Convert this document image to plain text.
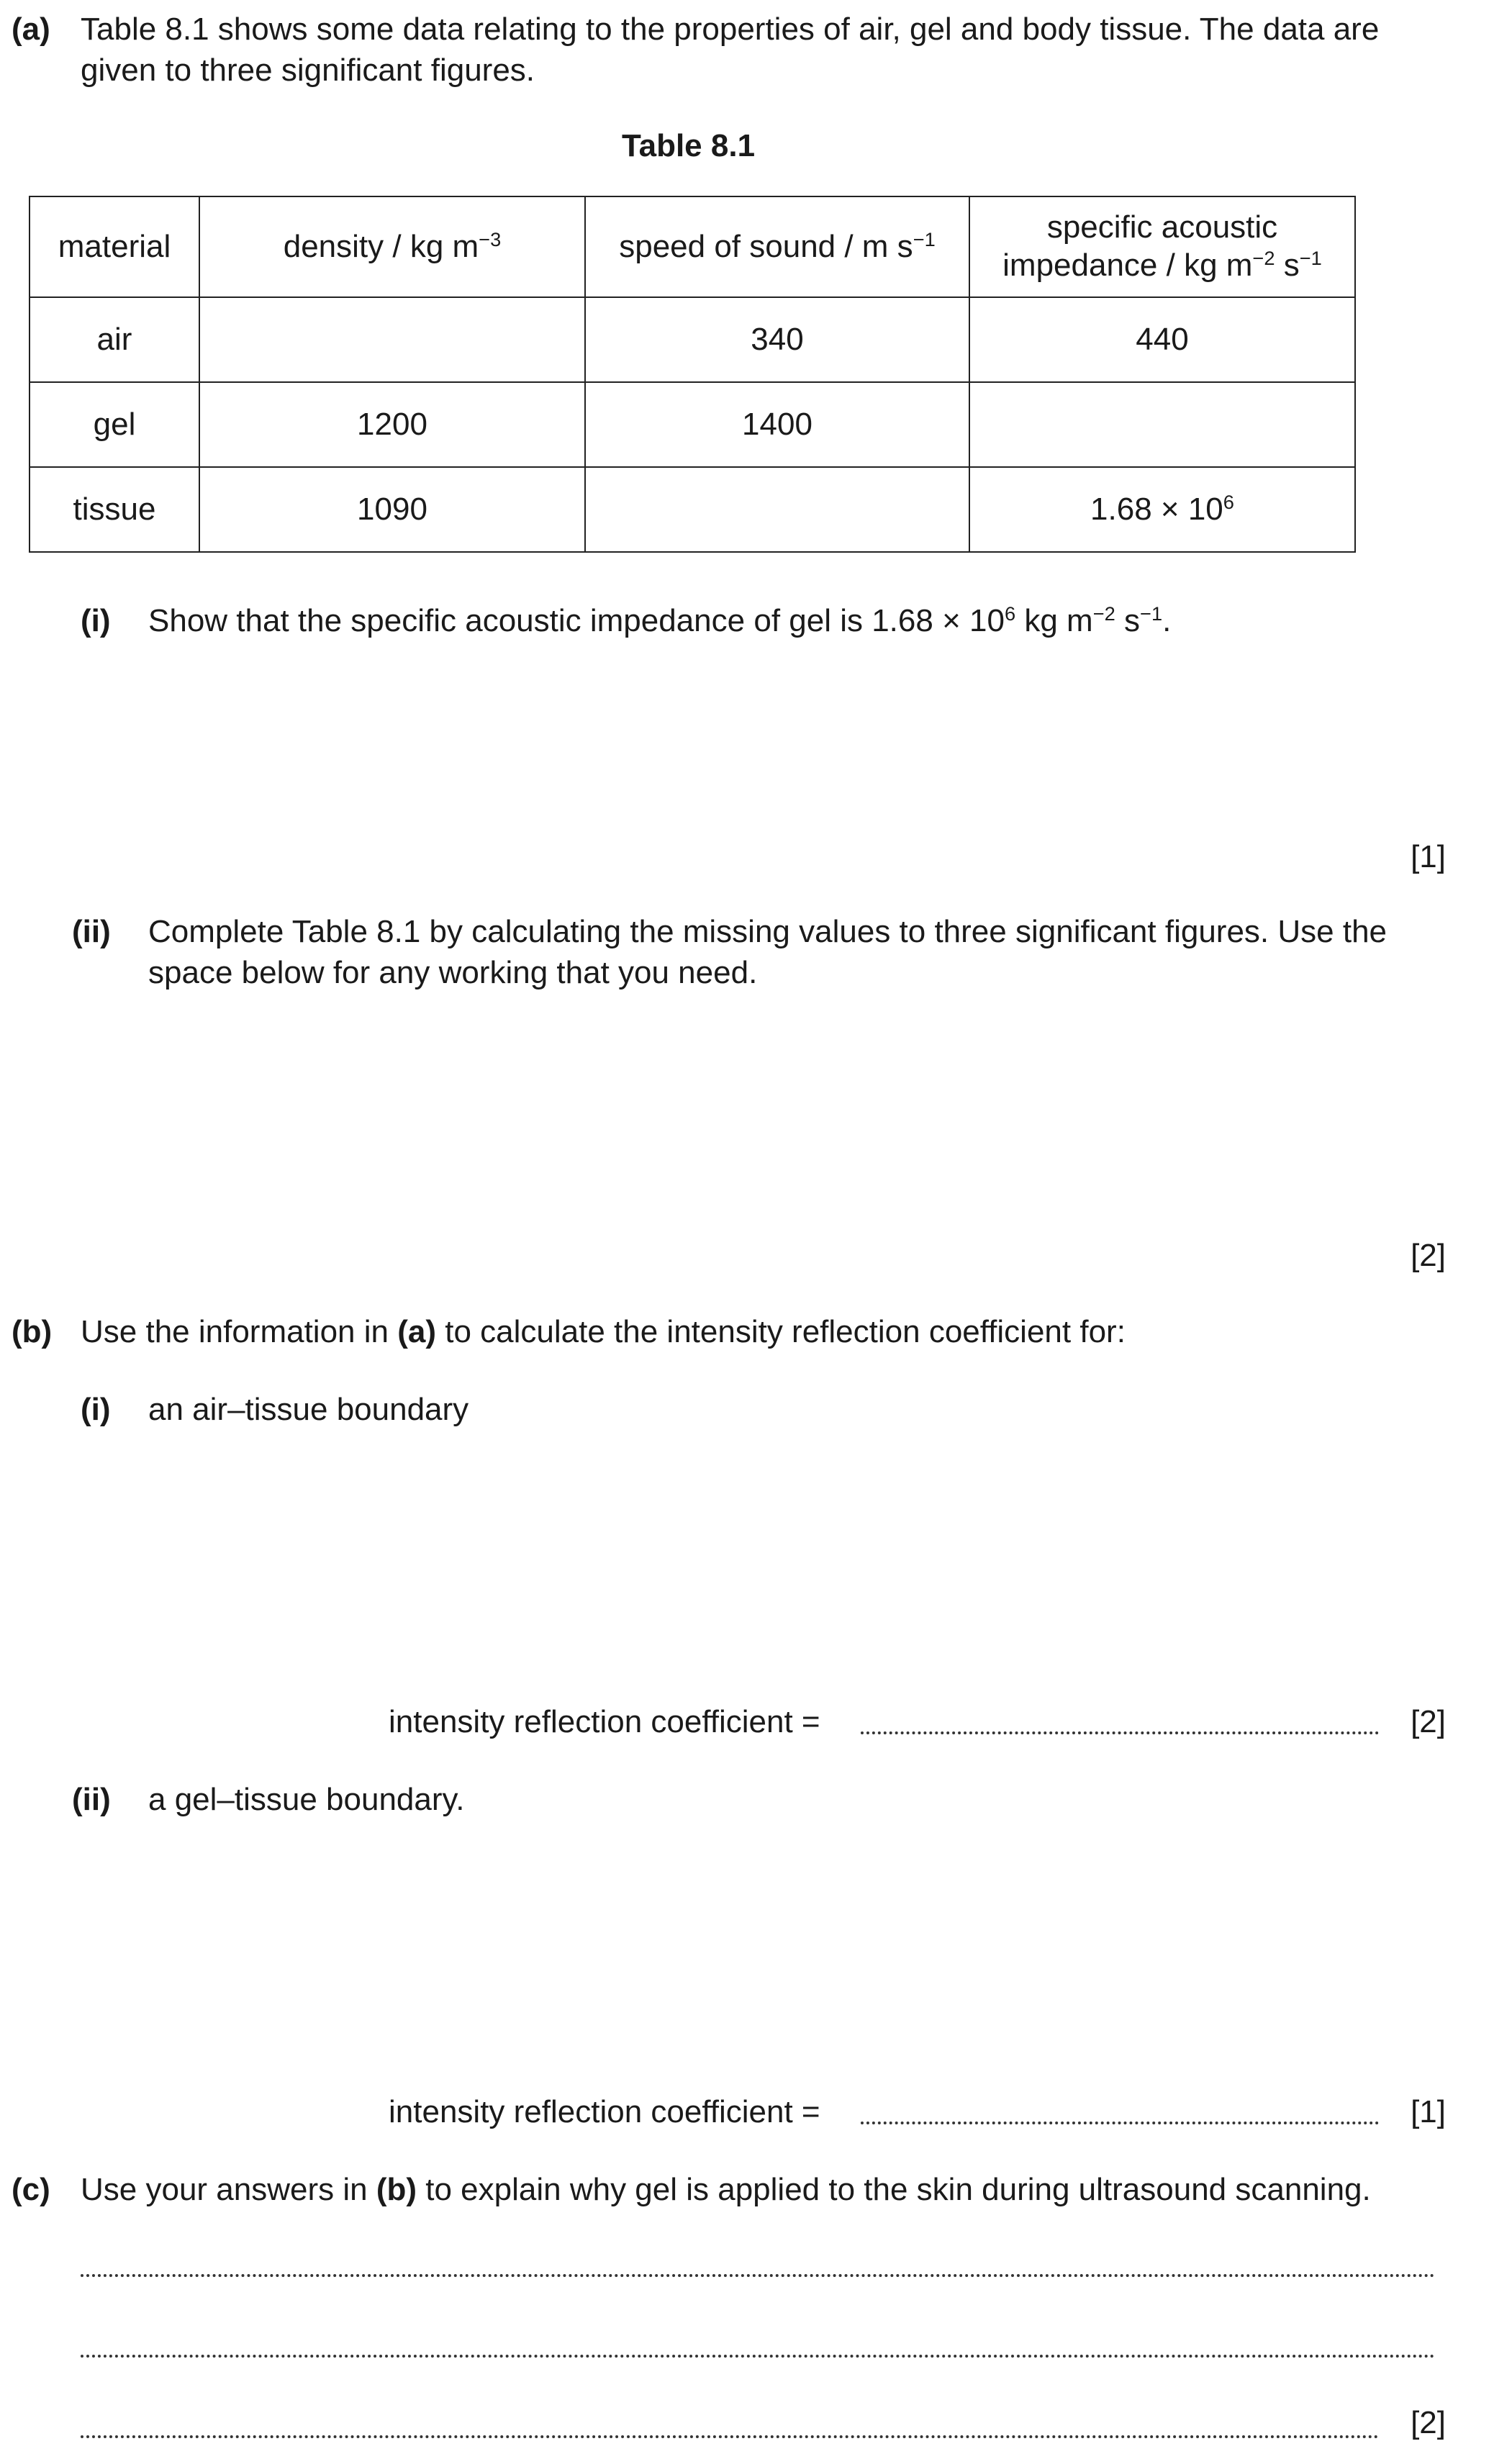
(a) Table 8.1 shows some data relating to the properties of air, gel and body tissue. The data are given to three significant figures.
Table 8.1
material	density / kg $m^{-3}$	speed of sound / m $s^{-1}$	specific acoustic
impedance / kg $m^{-2}$ $s^{-1}$

air		340	440
gel	1200	1400	
tissue	1090		$1.68 \times 10^6$
(i) Show that the specific acoustic impedance of gel is $1.68 \times 10^6$ kg $m^{-2}$ $s^{-1}$.
[1]
(ii) Complete Table 8.1 by calculating the missing values to three significant figures. Use the space below for any working that you need.
[2]
(b) Use the information in (a) to calculate the intensity reflection coefficient for:
(i) an air–tissue boundary
intensity reflection coefficient =	[2]
(ii) a gel–tissue boundary.
intensity reflection coefficient =	[1]
(c) Use your answers in (b) to explain why gel is applied to the skin during ultrasound scanning.
[2]
